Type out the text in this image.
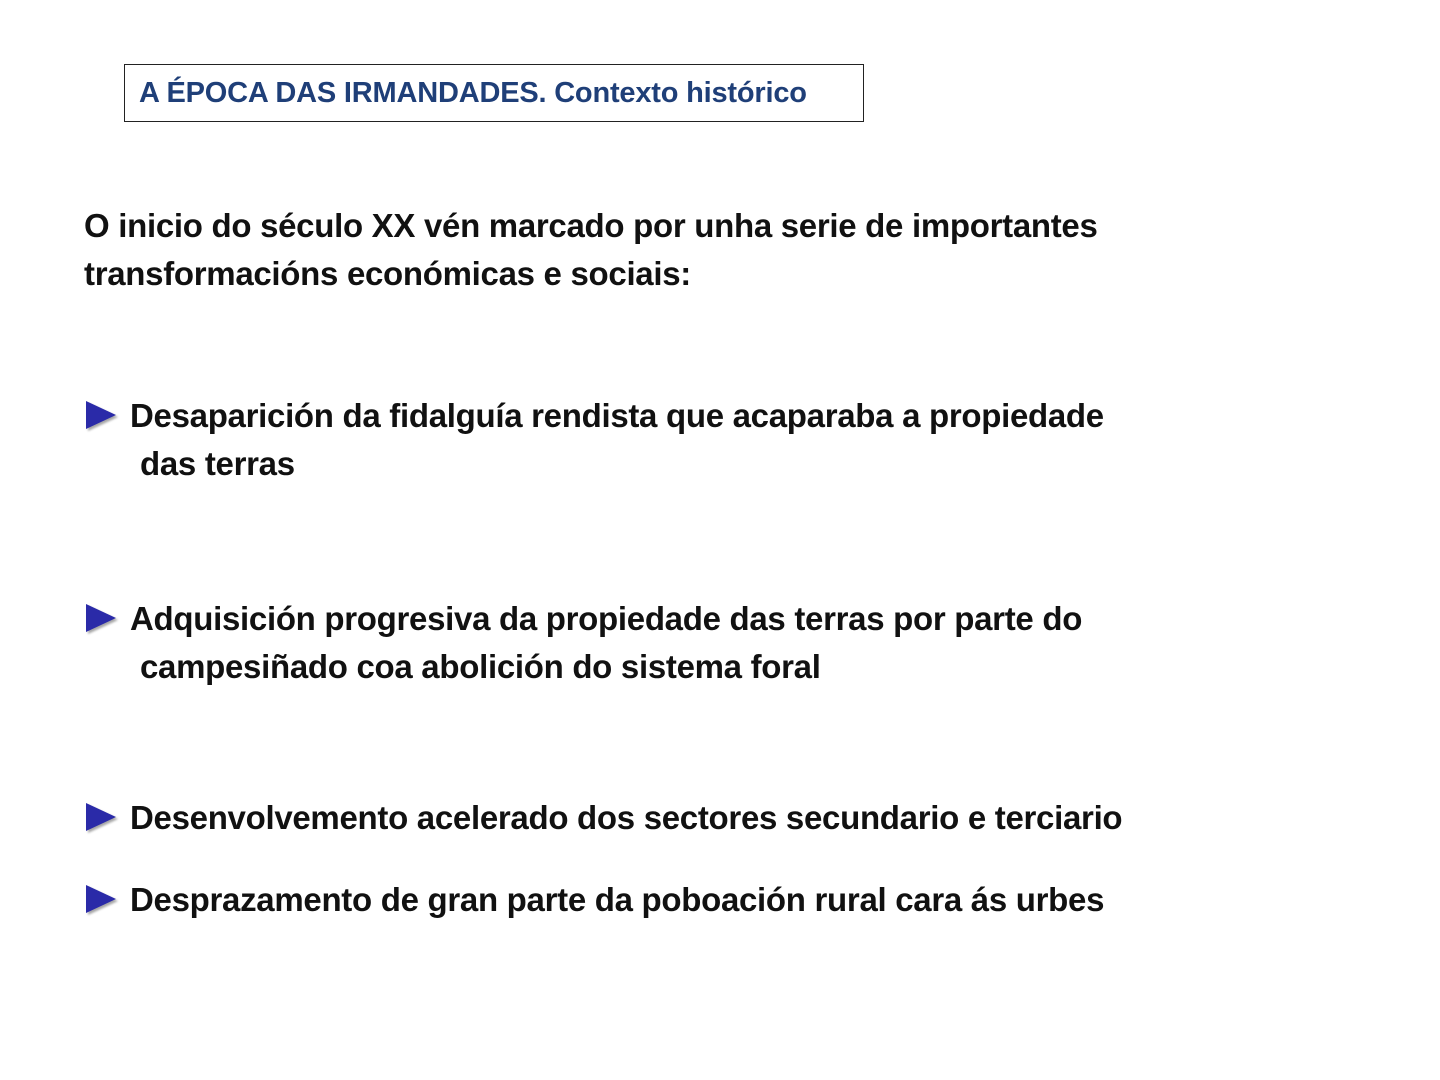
A ÉPOCA DAS IRMANDADES. Contexto histórico
O inicio do século XX vén marcado por unha serie de importantes
transformacións económicas e sociais:
Desaparición da fidalguía rendista que acaparaba a propiedade
das terras
Adquisición progresiva da propiedade das terras por parte do
campesiñado coa abolición do sistema foral
Desenvolvemento acelerado dos sectores secundario e terciario
Desprazamento de gran parte da poboación rural cara ás urbes
